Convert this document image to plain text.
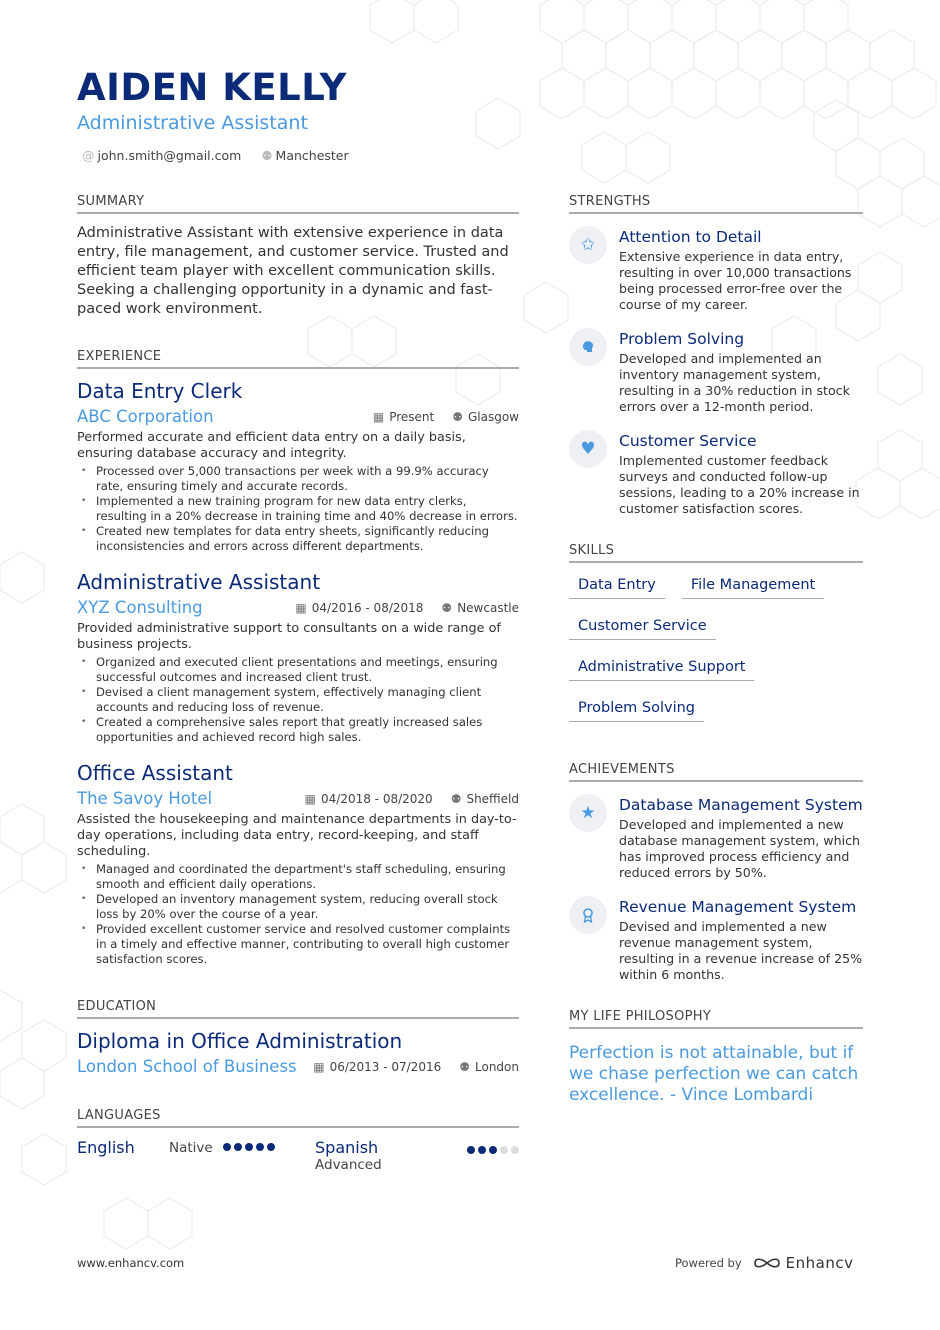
AIDEN KELLY
Administrative Assistant
@ john.smith@gmail.com ⚉ Manchester
SUMMARY

Administrative Assistant with extensive experience in data entry, file management, and customer service. Trusted and efficient team player with excellent communication skills. Seeking a challenging opportunity in a dynamic and fast-paced work environment.

EXPERIENCE
Data Entry Clerk
ABC Corporation	▦ Present ⚉ Glasgow

Performed accurate and efficient data entry on a daily basis, ensuring database accuracy and integrity.

• Processed over 5,000 transactions per week with a 99.9% accuracy rate, ensuring timely and accurate records.
• Implemented a new training program for new data entry clerks, resulting in a 20% decrease in training time and 40% decrease in errors.
• Created new templates for data entry sheets, significantly reducing inconsistencies and errors across different departments.
Administrative Assistant
XYZ Consulting	▦ 04/2016 - 08/2018 ⚉ Newcastle

Provided administrative support to consultants on a wide range of business projects.

• Organized and executed client presentations and meetings, ensuring successful outcomes and increased client trust.
• Devised a client management system, effectively managing client accounts and reducing loss of revenue.
• Created a comprehensive sales report that greatly increased sales opportunities and achieved record high sales.
Office Assistant
The Savoy Hotel	▦ 04/2018 - 08/2020 ⚉ Sheffield

Assisted the housekeeping and maintenance departments in day-to-day operations, including data entry, record-keeping, and staff scheduling.

• Managed and coordinated the department's staff scheduling, ensuring smooth and efficient daily operations.
• Developed an inventory management system, reducing overall stock loss by 20% over the course of a year.
• Provided excellent customer service and resolved customer complaints in a timely and effective manner, contributing to overall high customer satisfaction scores.
EDUCATION
Diploma in Office Administration
London School of Business ▦ 06/2013 - 07/2016 ⚉ London
LANGUAGES
English	Native	Spanish
Advanced
STRENGTHS
✩	Attention to Detail
Extensive experience in data entry, resulting in over 10,000 transactions being processed error-free over the course of my career.
Problem Solving
Developed and implemented an inventory management system, resulting in a 30% reduction in stock errors over a 12-month period.
♥	Customer Service
Implemented customer feedback surveys and conducted follow-up sessions, leading to a 20% increase in customer satisfaction scores.
SKILLS
Data Entry	File Management
Customer Service
Administrative Support
Problem Solving
ACHIEVEMENTS
★	Database Management System
Developed and implemented a new database management system, which has improved process efficiency and reduced errors by 50%.
Revenue Management System
Devised and implemented a new revenue management system, resulting in a revenue increase of 25% within 6 months.
MY LIFE PHILOSOPHY
Perfection is not attainable, but if we chase perfection we can catch excellence. - Vince Lombardi
www.enhancv.com	Powered by	Enhancv
